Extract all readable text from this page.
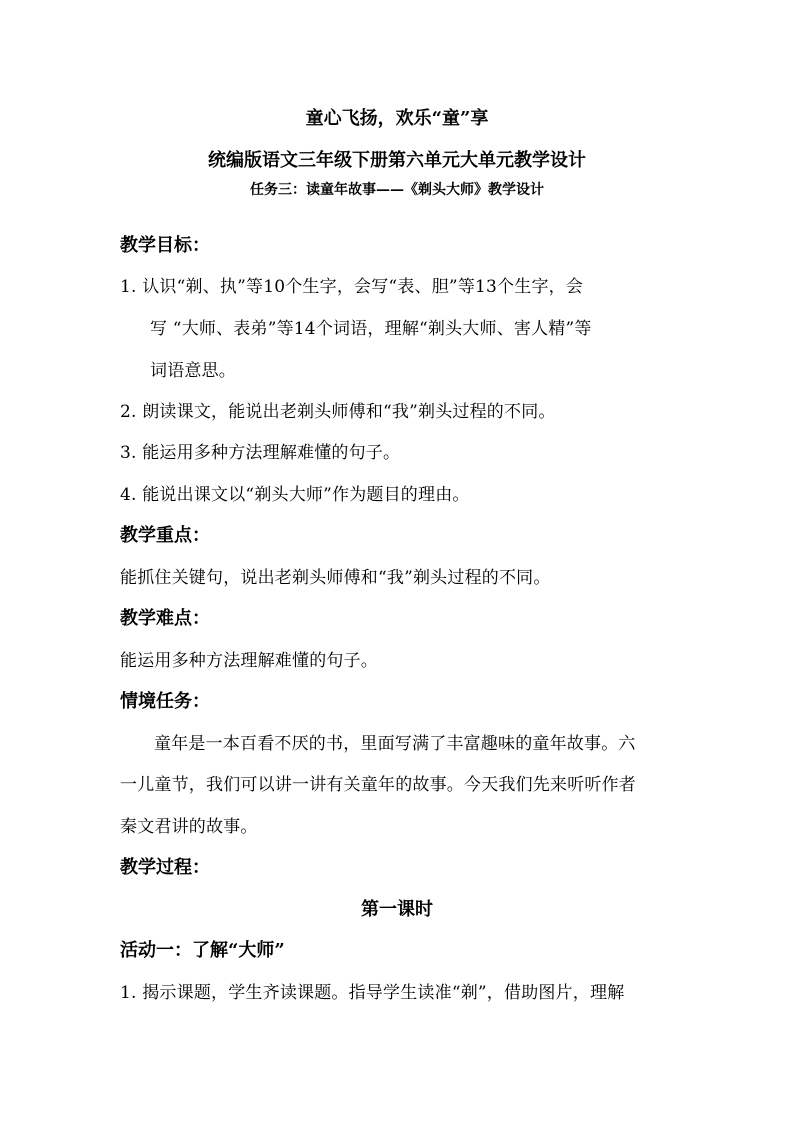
童心飞扬，欢乐“童”享
统编版语文三年级下册第六单元大单元教学设计
任务三：读童年故事——《剃头大师》教学设计
教学目标：
1. 认识“剃、执”等10个生字，会写“表、胆”等13个生字，会
写 “大师、表弟”等14个词语，理解“剃头大师、害人精”等
词语意思。
2. 朗读课文，能说出老剃头师傅和“我”剃头过程的不同。
3. 能运用多种方法理解难懂的句子。
4. 能说出课文以“剃头大师”作为题目的理由。
教学重点：
能抓住关键句，说出老剃头师傅和“我”剃头过程的不同。
教学难点：
能运用多种方法理解难懂的句子。
情境任务：
童年是一本百看不厌的书，里面写满了丰富趣味的童年故事。六
一儿童节，我们可以讲一讲有关童年的故事。今天我们先来听听作者
秦文君讲的故事。
教学过程：
第一课时
活动一：了解“大师”
1. 揭示课题，学生齐读课题。指导学生读准“剃”，借助图片，理解
